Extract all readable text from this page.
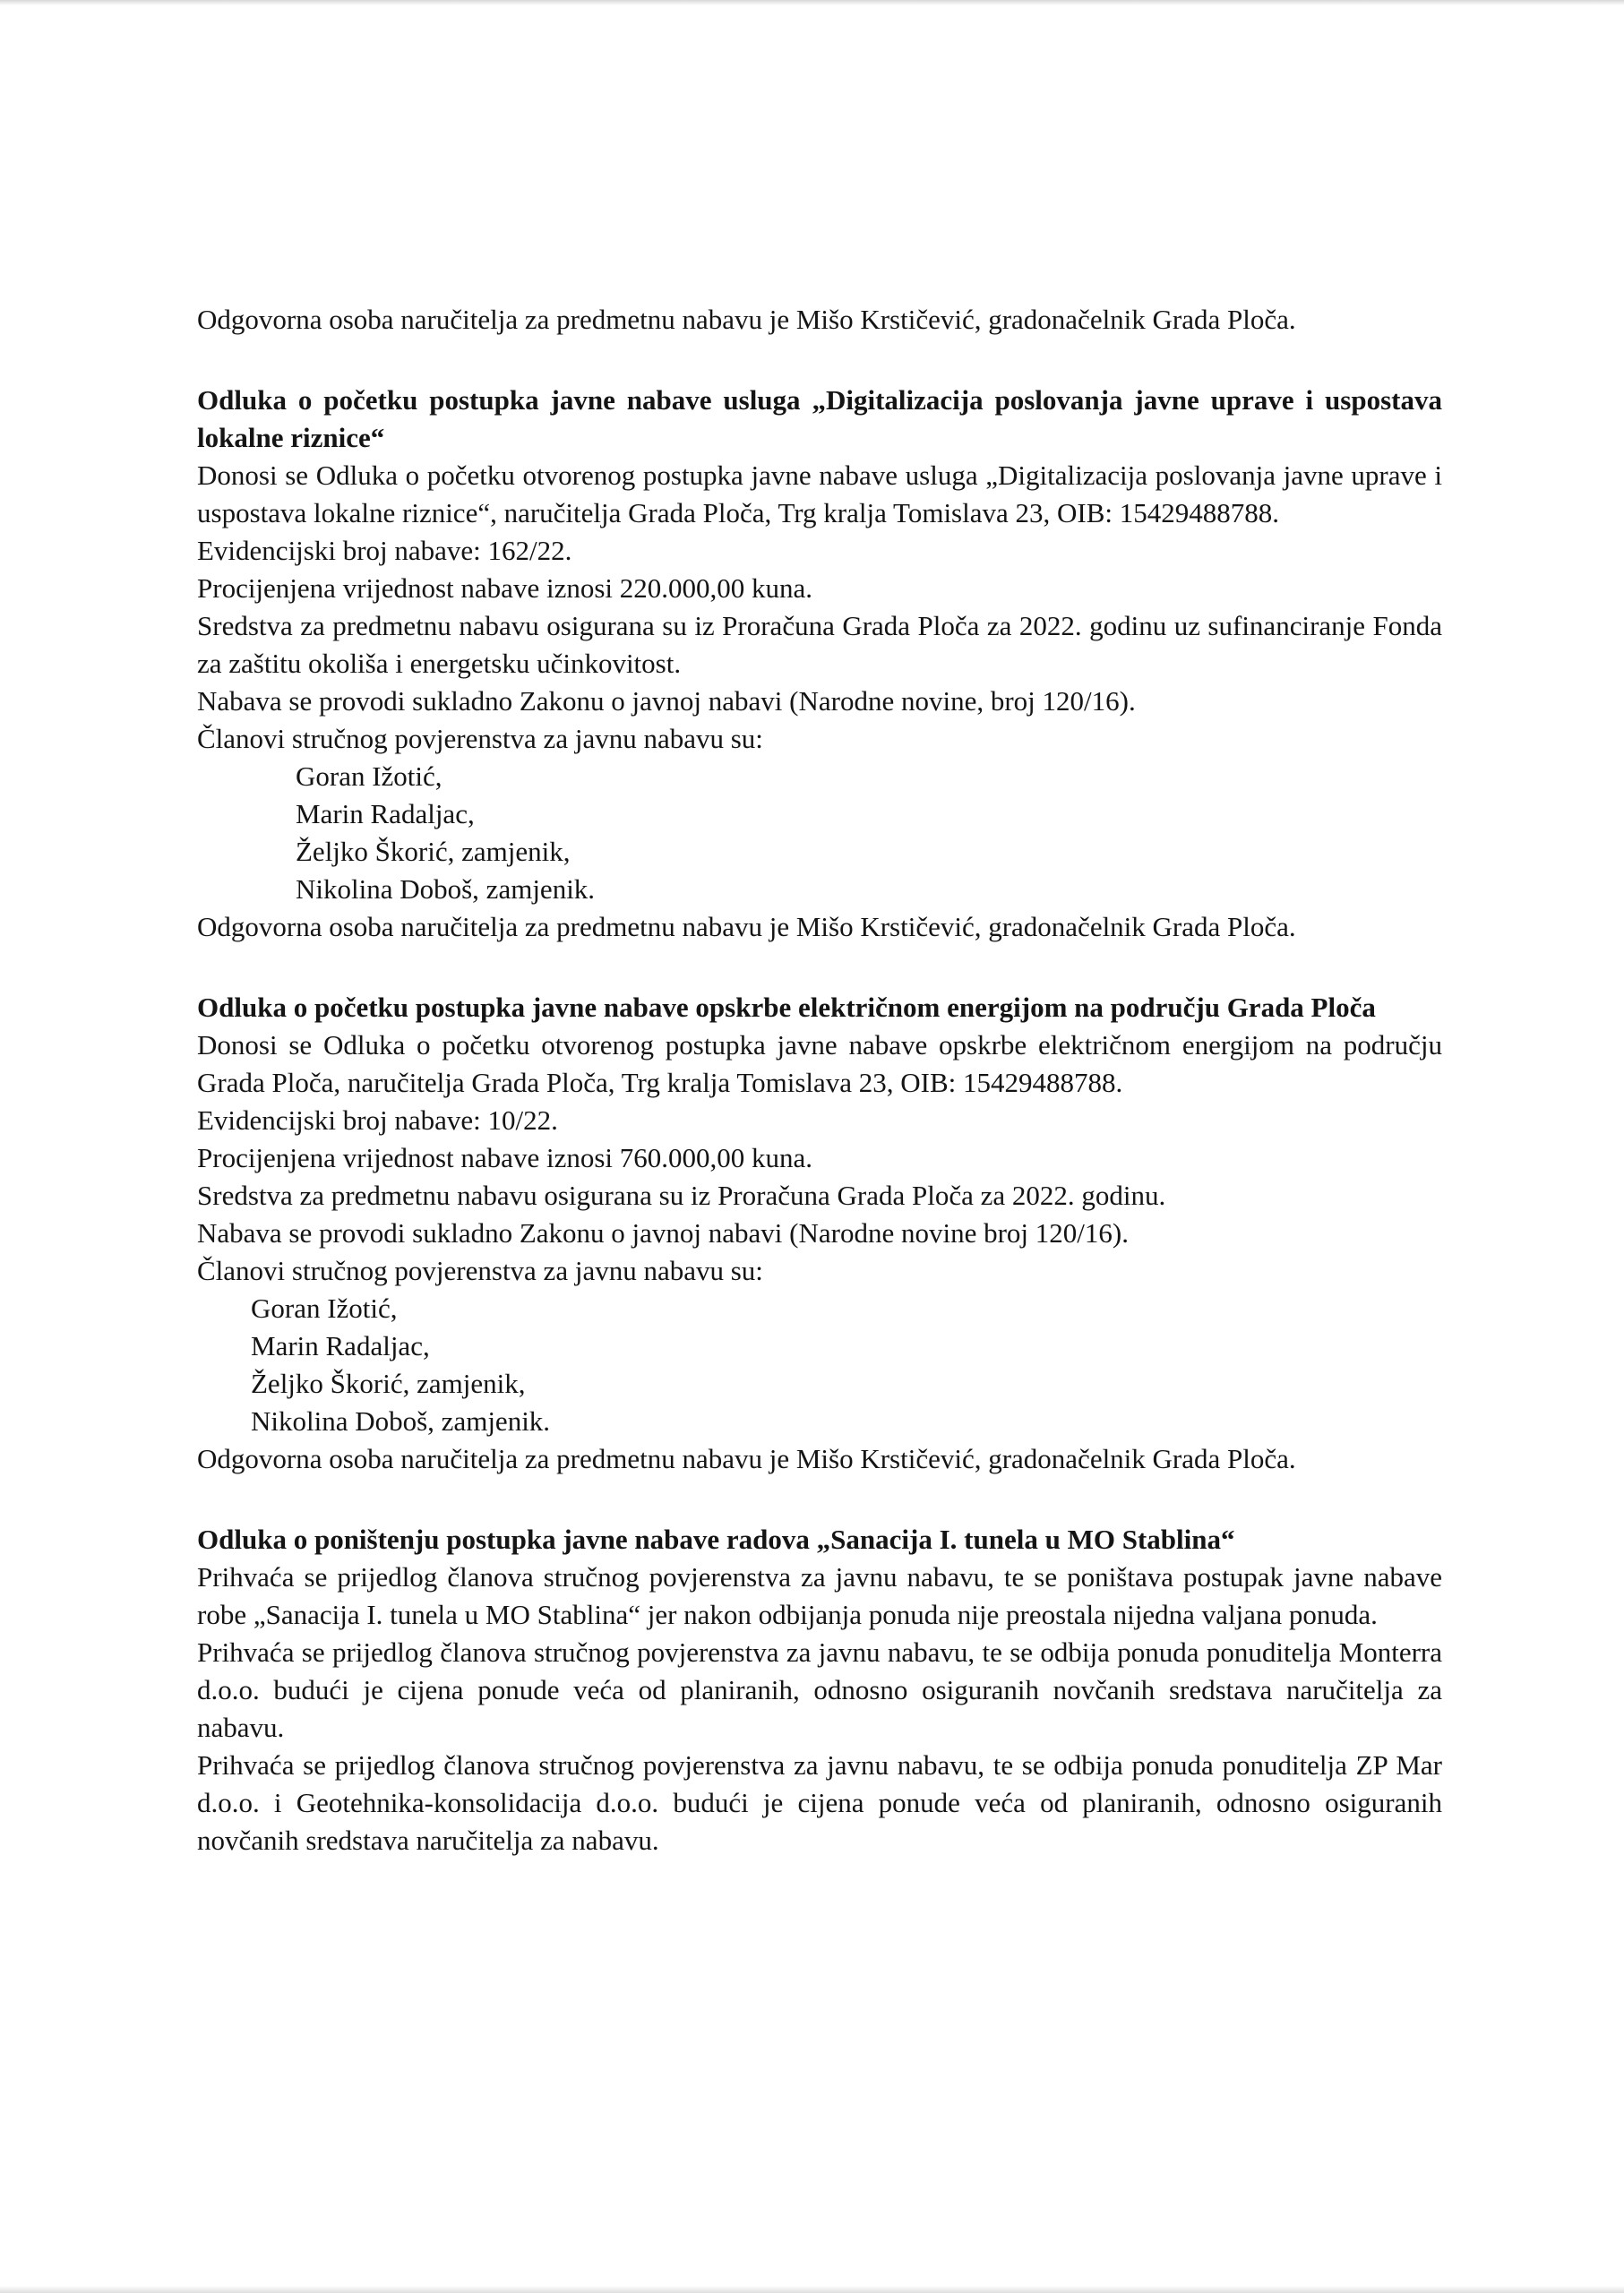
Odgovorna osoba naručitelja za predmetnu nabavu je Mišo Krstičević, gradonačelnik Grada Ploča.

Odluka o početku postupka javne nabave usluga „Digitalizacija poslovanja javne uprave i uspostava lokalne riznice“

Donosi se Odluka o početku otvorenog postupka javne nabave usluga „Digitalizacija poslovanja javne uprave i uspostava lokalne riznice“, naručitelja Grada Ploča, Trg kralja Tomislava 23, OIB: 15429488788.

Evidencijski broj nabave: 162/22.

Procijenjena vrijednost nabave iznosi 220.000,00 kuna.

Sredstva za predmetnu nabavu osigurana su iz Proračuna Grada Ploča za 2022. godinu uz sufinanciranje Fonda za zaštitu okoliša i energetsku učinkovitost.

Nabava se provodi sukladno Zakonu o javnoj nabavi (Narodne novine, broj 120/16).

Članovi stručnog povjerenstva za javnu nabavu su:

Goran Ižotić,

Marin Radaljac,

Željko Škorić, zamjenik,

Nikolina Doboš, zamjenik.

Odgovorna osoba naručitelja za predmetnu nabavu je Mišo Krstičević, gradonačelnik Grada Ploča.

Odluka o početku postupka javne nabave opskrbe električnom energijom na području Grada Ploča

Donosi se Odluka o početku otvorenog postupka javne nabave opskrbe električnom energijom na području Grada Ploča, naručitelja Grada Ploča, Trg kralja Tomislava 23, OIB: 15429488788.

Evidencijski broj nabave: 10/22.

Procijenjena vrijednost nabave iznosi 760.000,00 kuna.

Sredstva za predmetnu nabavu osigurana su iz Proračuna Grada Ploča za 2022. godinu.

Nabava se provodi sukladno Zakonu o javnoj nabavi (Narodne novine broj 120/16).

Članovi stručnog povjerenstva za javnu nabavu su:

Goran Ižotić,

Marin Radaljac,

Željko Škorić, zamjenik,

Nikolina Doboš, zamjenik.

Odgovorna osoba naručitelja za predmetnu nabavu je Mišo Krstičević, gradonačelnik Grada Ploča.

Odluka o poništenju postupka javne nabave radova „Sanacija I. tunela u MO Stablina“

Prihvaća se prijedlog članova stručnog povjerenstva za javnu nabavu, te se poništava postupak javne nabave robe „Sanacija I. tunela u MO Stablina“ jer nakon odbijanja ponuda nije preostala nijedna valjana ponuda.

Prihvaća se prijedlog članova stručnog povjerenstva za javnu nabavu, te se odbija ponuda ponuditelja Monterra d.o.o. budući je cijena ponude veća od planiranih, odnosno osiguranih novčanih sredstava naručitelja za nabavu.

Prihvaća se prijedlog članova stručnog povjerenstva za javnu nabavu, te se odbija ponuda ponuditelja ZP Mar d.o.o. i Geotehnika-konsolidacija d.o.o. budući je cijena ponude veća od planiranih, odnosno osiguranih novčanih sredstava naručitelja za nabavu.
